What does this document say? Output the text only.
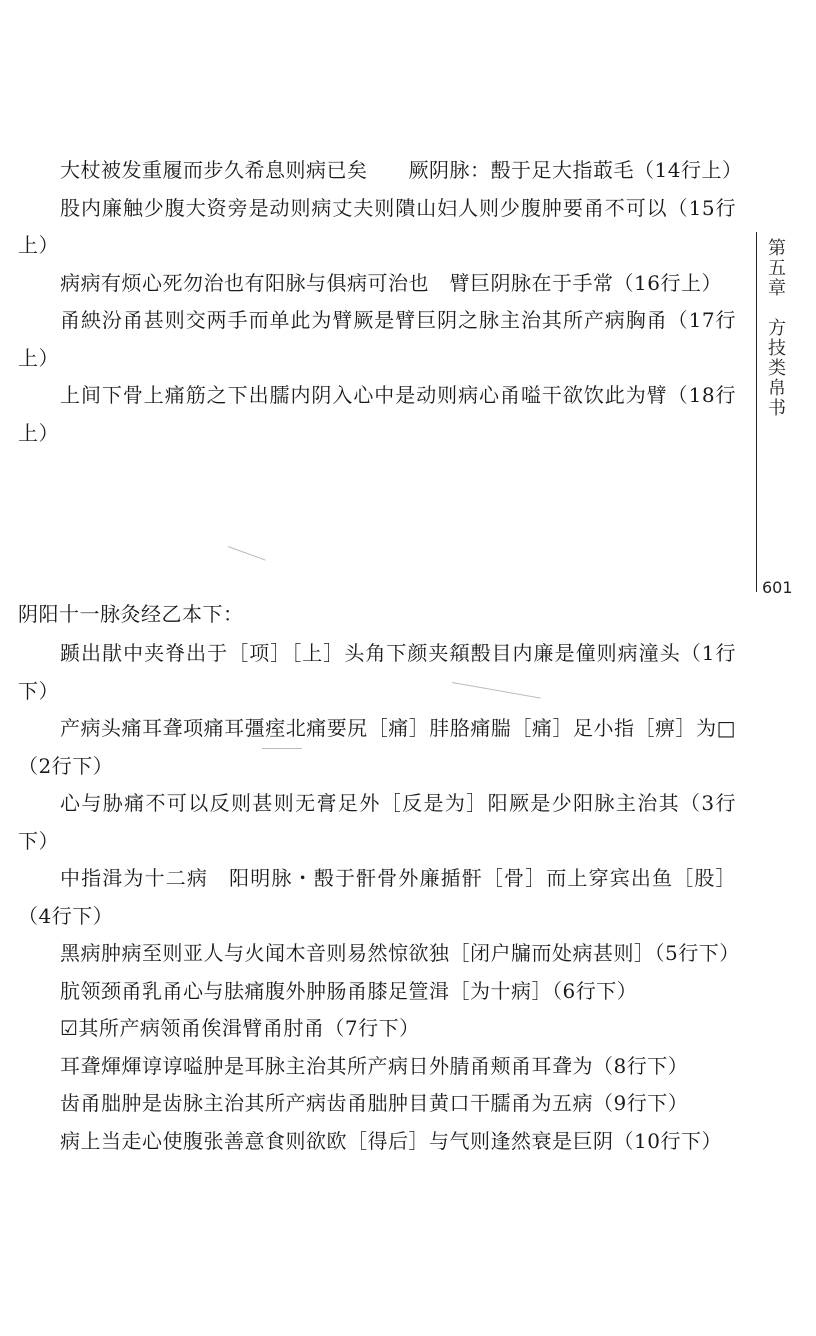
大杖被发重履而步久希息则病已矣　　厥阴脉：毄于足大指菆毛（14行上）

股内廉触少腹大资旁是动则病丈夫则隤山妇人则少腹肿要甬不可以（15行上）

病病有烦心死勿治也有阳脉与俱病可治也　臂巨阴脉在于手常（16行上）

甬紻汾甬甚则交两手而单此为臂厥是臂巨阴之脉主治其所产病胸甬（17行上）

上间下骨上痛筋之下出臑内阴入心中是动则病心甬嗌干欲饮此为臂（18行上）

阴阳十一脉灸经乙本下：

踬出猒中夹脊出于［项］［上］头角下颜夹頯毄目内廉是僮则病潼头（1行下）

产病头痛耳聋项痛耳彊痓北痛要尻［痛］肨胳痛腨［痛］足小指［痹］为□（2行下）

心与胁痛不可以反则甚则无膏足外［反是为］阳厥是少阳脉主治其（3行下）

中指湒为十二病　阳明脉・毄于骭骨外廉揗骭［骨］而上穿宾出鱼［股］（4行下）

黑病肿病至则亚人与火闻木音则易然惊欲独［闭户牖而处病甚则］（5行下）

肮领颈甬乳甬心与胠痛腹外肿肠甬膝足箮湒［为十病］（6行下）

☑其所产病领甬俟湒臂甬肘甬（7行下）

耳聋煇煇谆谆嗌肿是耳脉主治其所产病日外腈甬颊甬耳聋为（8行下）

齿甬朏肿是齿脉主治其所产病齿甬朏肿目黄口干臑甬为五病（9行下）

病上当走心使腹张善意食则欲欧［得后］与气则逢然衰是巨阴（10行下）

第五章　方技类帛书
601
